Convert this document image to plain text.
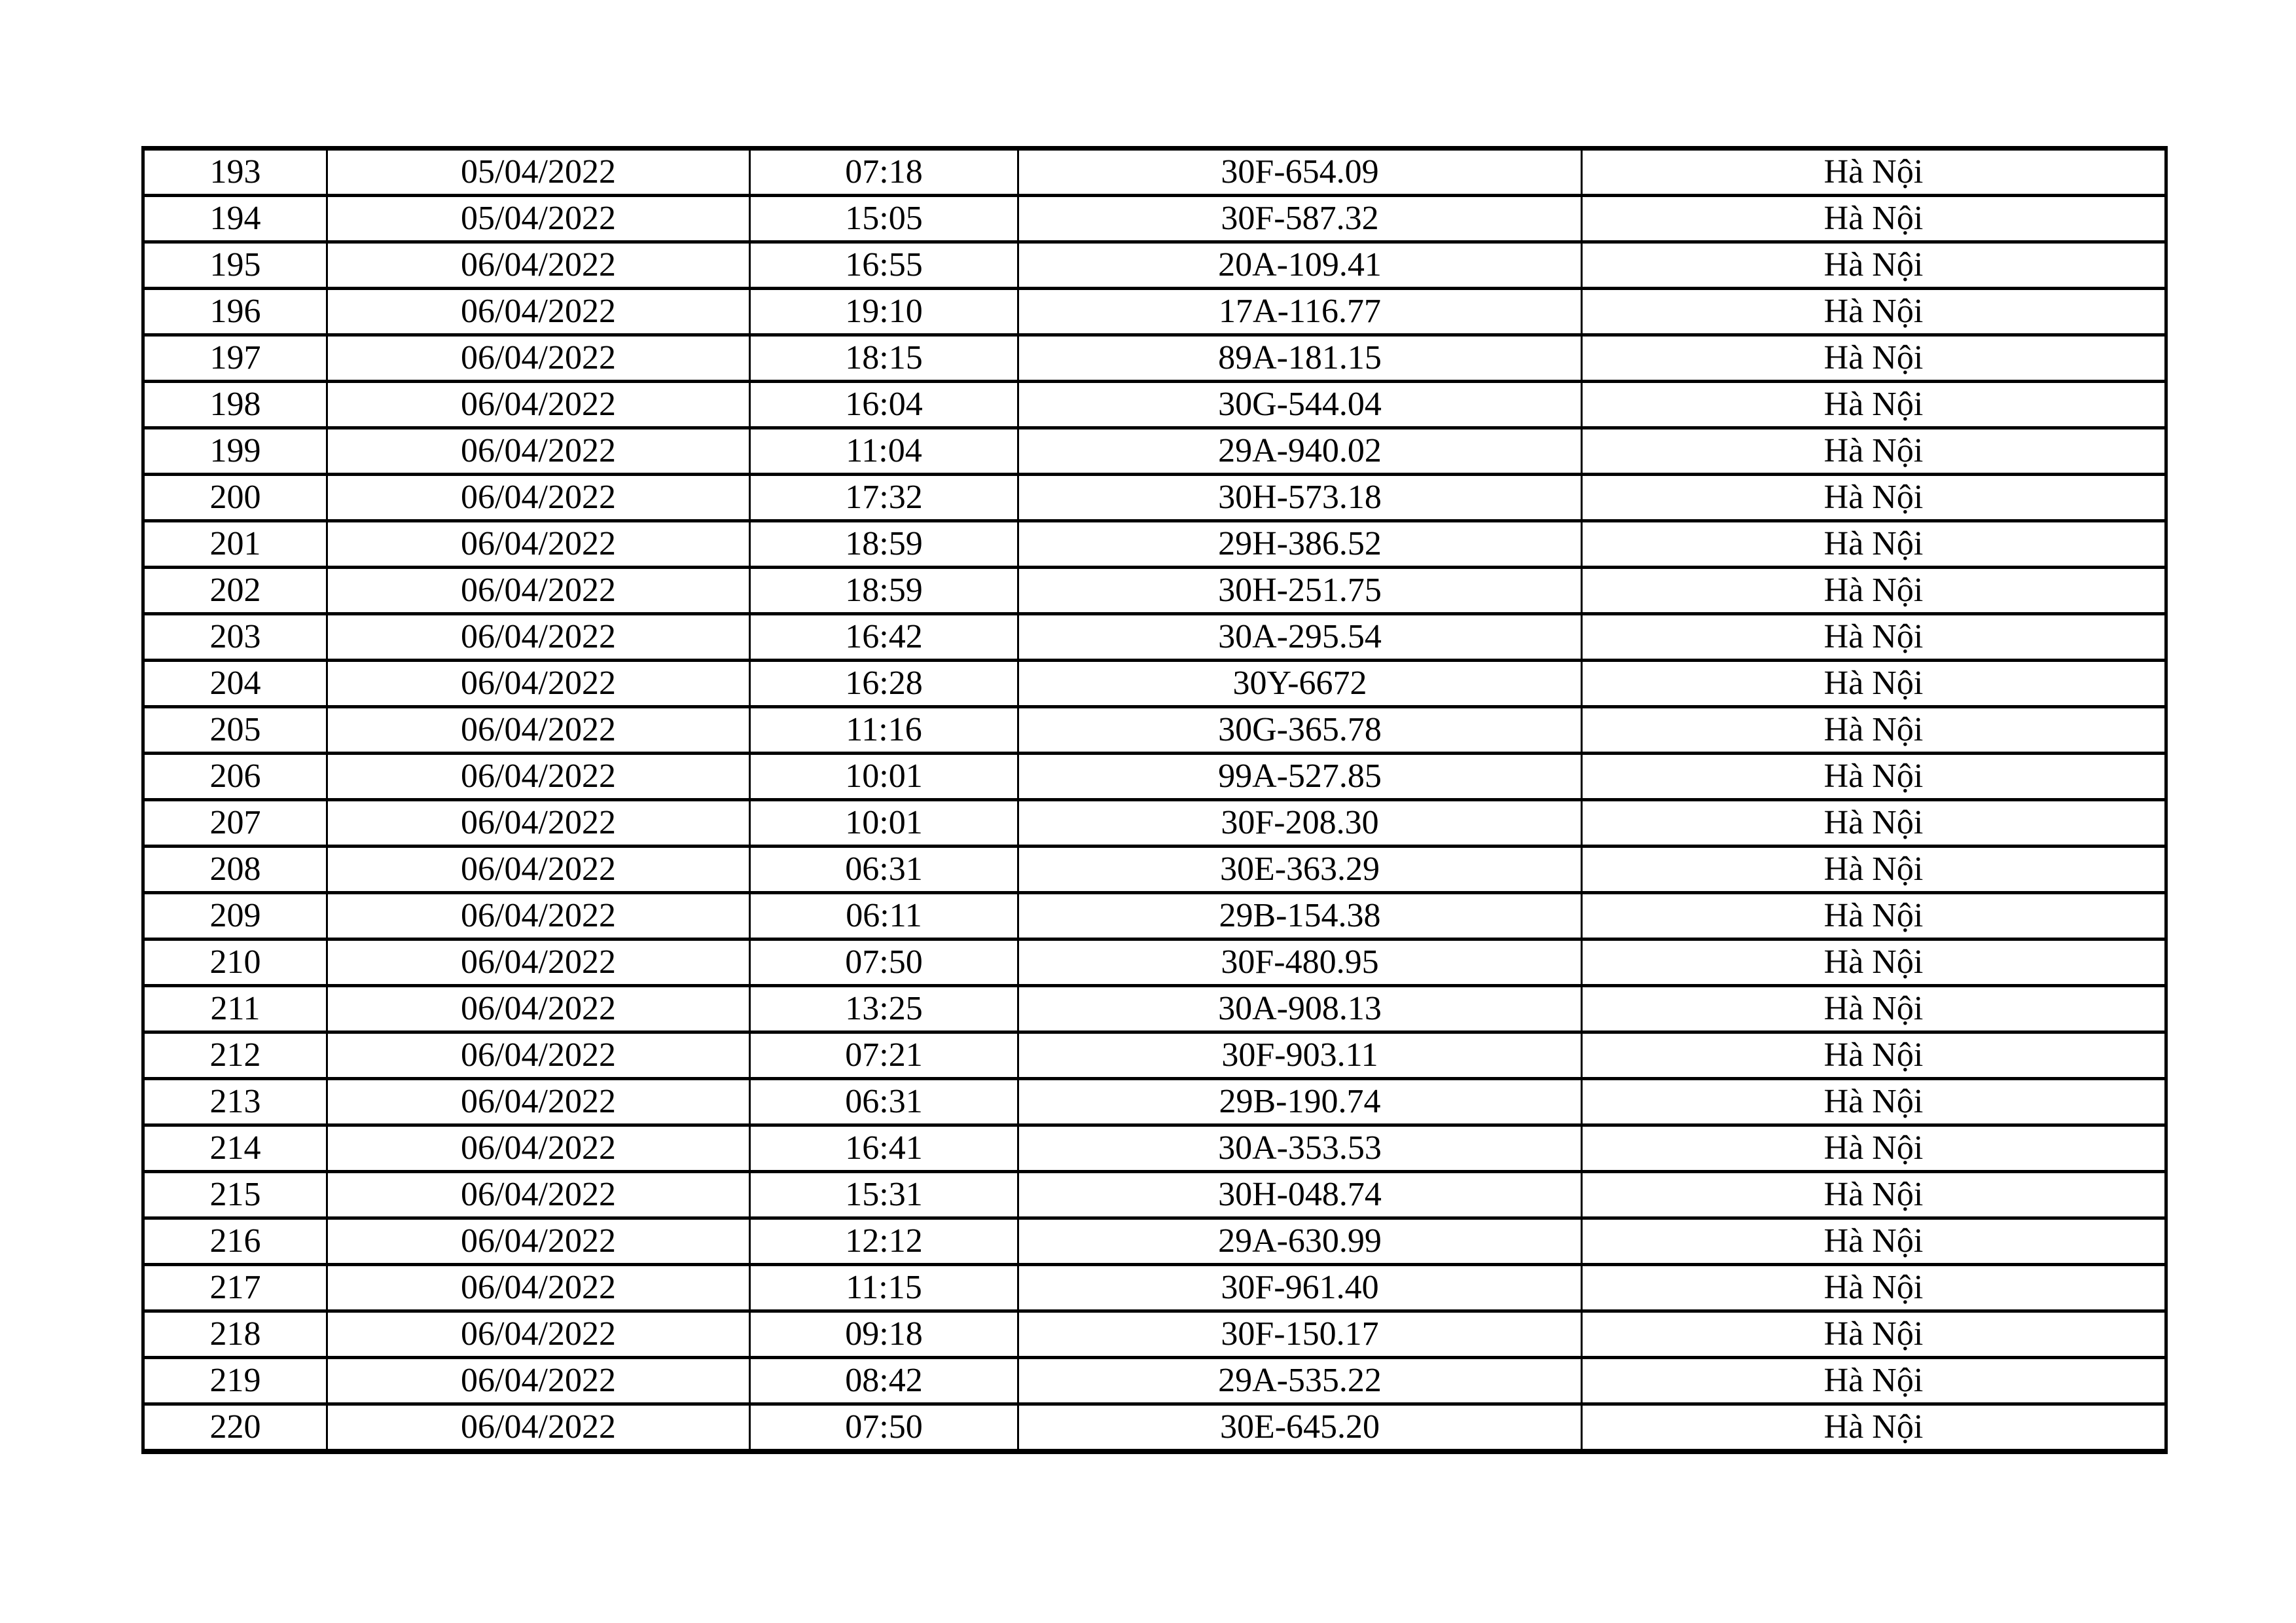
193	05/04/2022	07:18	30F-654.09	Hà Nội
194	05/04/2022	15:05	30F-587.32	Hà Nội
195	06/04/2022	16:55	20A-109.41	Hà Nội
196	06/04/2022	19:10	17A-116.77	Hà Nội
197	06/04/2022	18:15	89A-181.15	Hà Nội
198	06/04/2022	16:04	30G-544.04	Hà Nội
199	06/04/2022	11:04	29A-940.02	Hà Nội
200	06/04/2022	17:32	30H-573.18	Hà Nội
201	06/04/2022	18:59	29H-386.52	Hà Nội
202	06/04/2022	18:59	30H-251.75	Hà Nội
203	06/04/2022	16:42	30A-295.54	Hà Nội
204	06/04/2022	16:28	30Y-6672	Hà Nội
205	06/04/2022	11:16	30G-365.78	Hà Nội
206	06/04/2022	10:01	99A-527.85	Hà Nội
207	06/04/2022	10:01	30F-208.30	Hà Nội
208	06/04/2022	06:31	30E-363.29	Hà Nội
209	06/04/2022	06:11	29B-154.38	Hà Nội
210	06/04/2022	07:50	30F-480.95	Hà Nội
211	06/04/2022	13:25	30A-908.13	Hà Nội
212	06/04/2022	07:21	30F-903.11	Hà Nội
213	06/04/2022	06:31	29B-190.74	Hà Nội
214	06/04/2022	16:41	30A-353.53	Hà Nội
215	06/04/2022	15:31	30H-048.74	Hà Nội
216	06/04/2022	12:12	29A-630.99	Hà Nội
217	06/04/2022	11:15	30F-961.40	Hà Nội
218	06/04/2022	09:18	30F-150.17	Hà Nội
219	06/04/2022	08:42	29A-535.22	Hà Nội
220	06/04/2022	07:50	30E-645.20	Hà Nội
